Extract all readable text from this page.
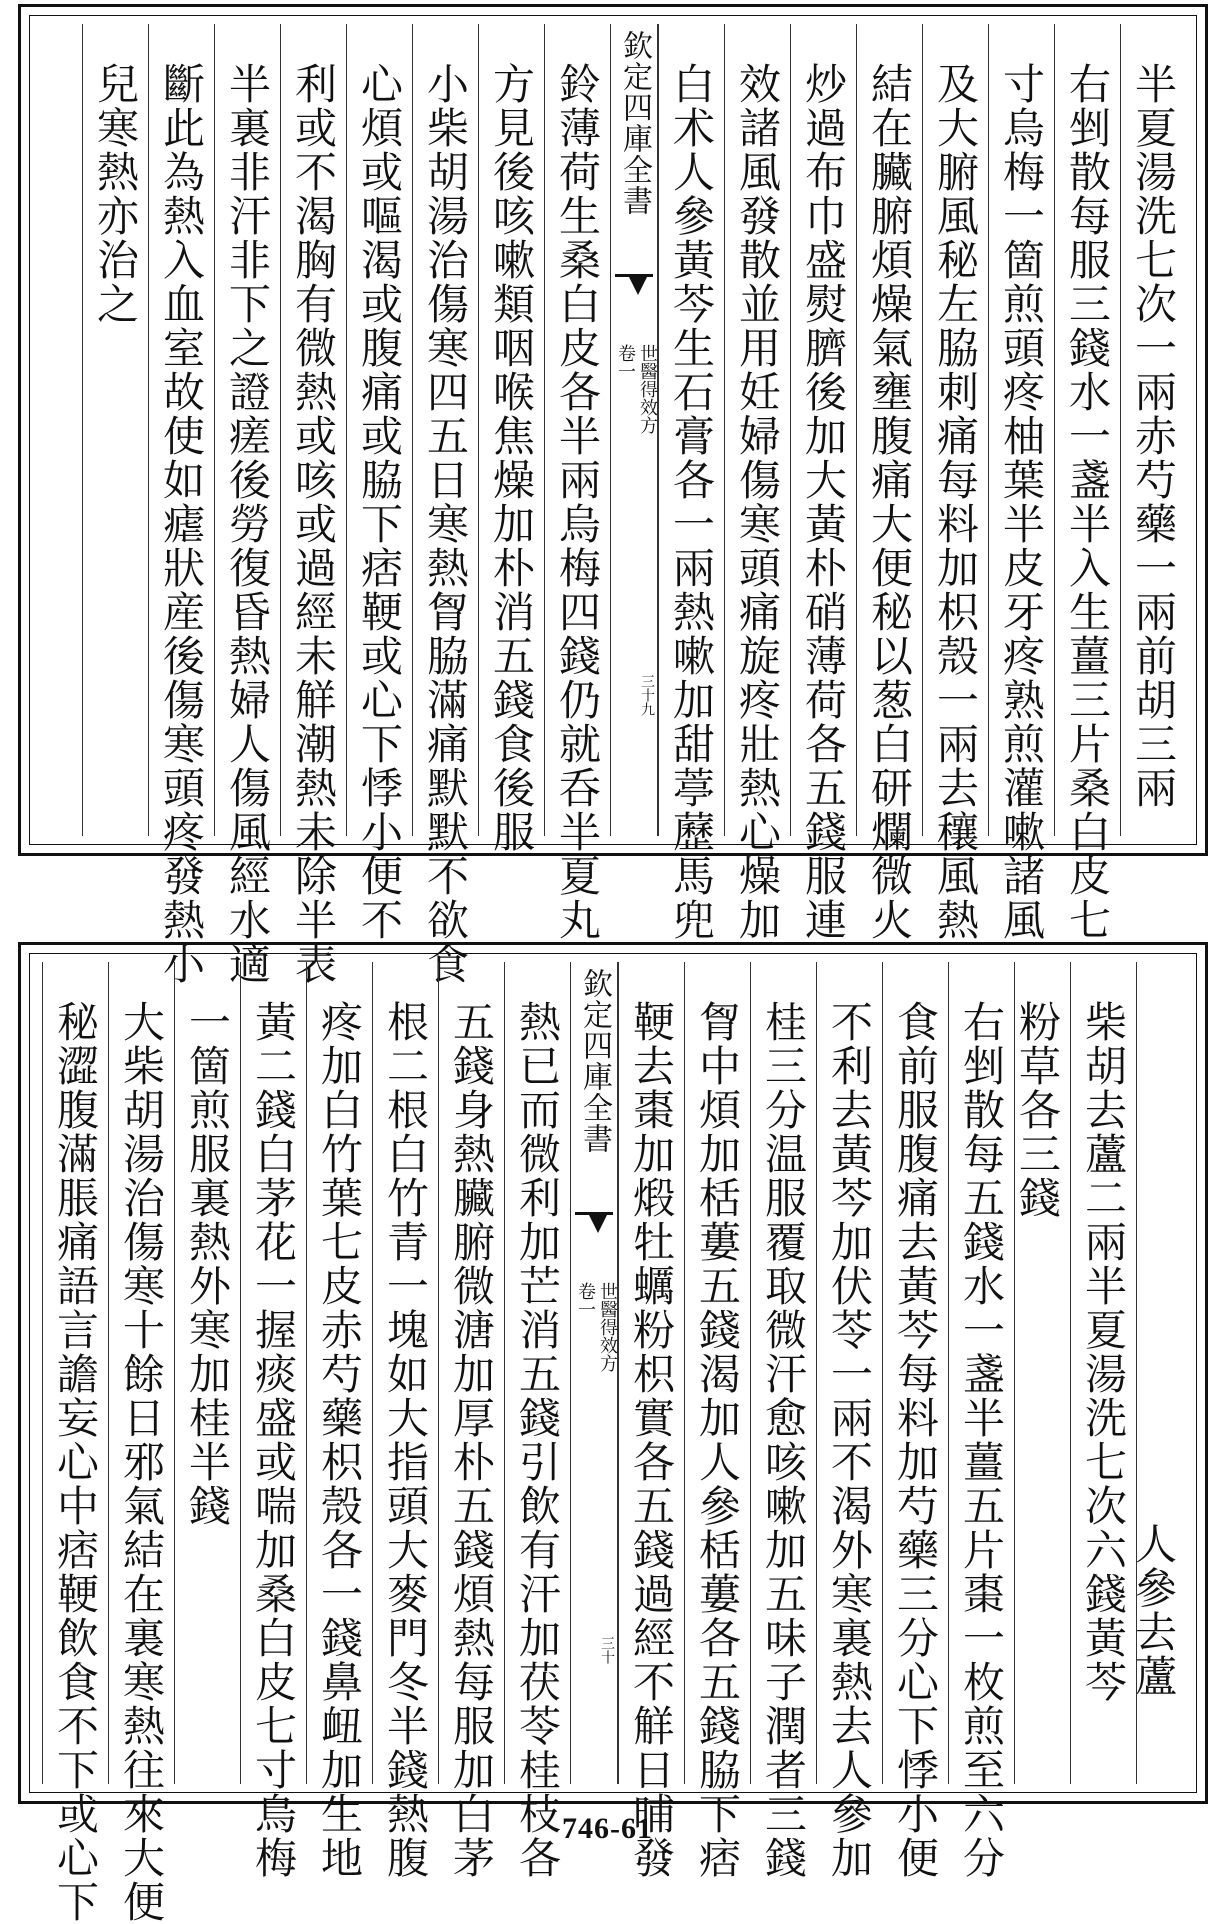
半夏湯洗七次一兩赤芍藥一兩前胡三兩
右剉散每服三錢水一盞半入生薑三片桑白皮七
寸烏梅一箇煎頭疼柚葉半皮牙疼熟煎灌嗽諸風
及大腑風秘左脇刺痛每料加枳殼一兩去穰風熱
結在臟腑煩燥氣壅腹痛大便秘以葱白研爛微火
炒過布巾盛熨臍後加大黃朴硝薄荷各五錢服連
效諸風發散並用妊婦傷寒頭痛旋疼壯熱心燥加
白术人參黃芩生石膏各一兩熱嗽加甜葶藶馬兜
欽定四庫全書
世醫得效方
卷一
三十九
鈴薄荷生桑白皮各半兩烏梅四錢仍就呑半夏丸
方見後咳嗽類咽喉焦燥加朴消五錢食後服
小柴胡湯治傷寒四五日寒熱胷脇滿痛默默不欲食
心煩或嘔渴或腹痛或脇下痞鞕或心下悸小便不
利或不渴胸有微熱或咳或過經未觧潮熱未除半表
半裏非汗非下之證瘥後勞復昏熱婦人傷風經水適
斷此為熱入血室故使如瘧狀産後傷寒頭疼發熱小
兒寒熱亦治之
人參去蘆
柴胡去蘆二兩半夏湯洗七次六錢黃芩
粉草各三錢
右剉散每五錢水一盞半薑五片棗一枚煎至六分
食前服腹痛去黃芩每料加芍藥三分心下悸小便
不利去黃芩加伏苓一兩不渴外寒裏熱去人參加
桂三分温服覆取微汗愈咳嗽加五味子潤者三錢
胷中煩加栝蔞五錢渴加人參栝蔞各五錢脇下痞
鞕去棗加煅牡蠣粉枳實各五錢過經不觧日晡發
欽定四庫全書
世醫得效方
卷一
三十
熱已而微利加芒消五錢引飲有汗加茯苓桂枝各
五錢身熱臟腑微溏加厚朴五錢煩熱每服加白茅
根二根白竹青一塊如大指頭大麥門冬半錢熱腹
疼加白竹葉七皮赤芍藥枳殼各一錢鼻衄加生地
黃二錢白茅花一握痰盛或喘加桑白皮七寸烏梅
一箇煎服裏熱外寒加桂半錢
大柴胡湯治傷寒十餘日邪氣結在裏寒熱往來大便
秘澀腹滿脹痛語言譫妄心中痞鞕飲食不下或心下	746-61
